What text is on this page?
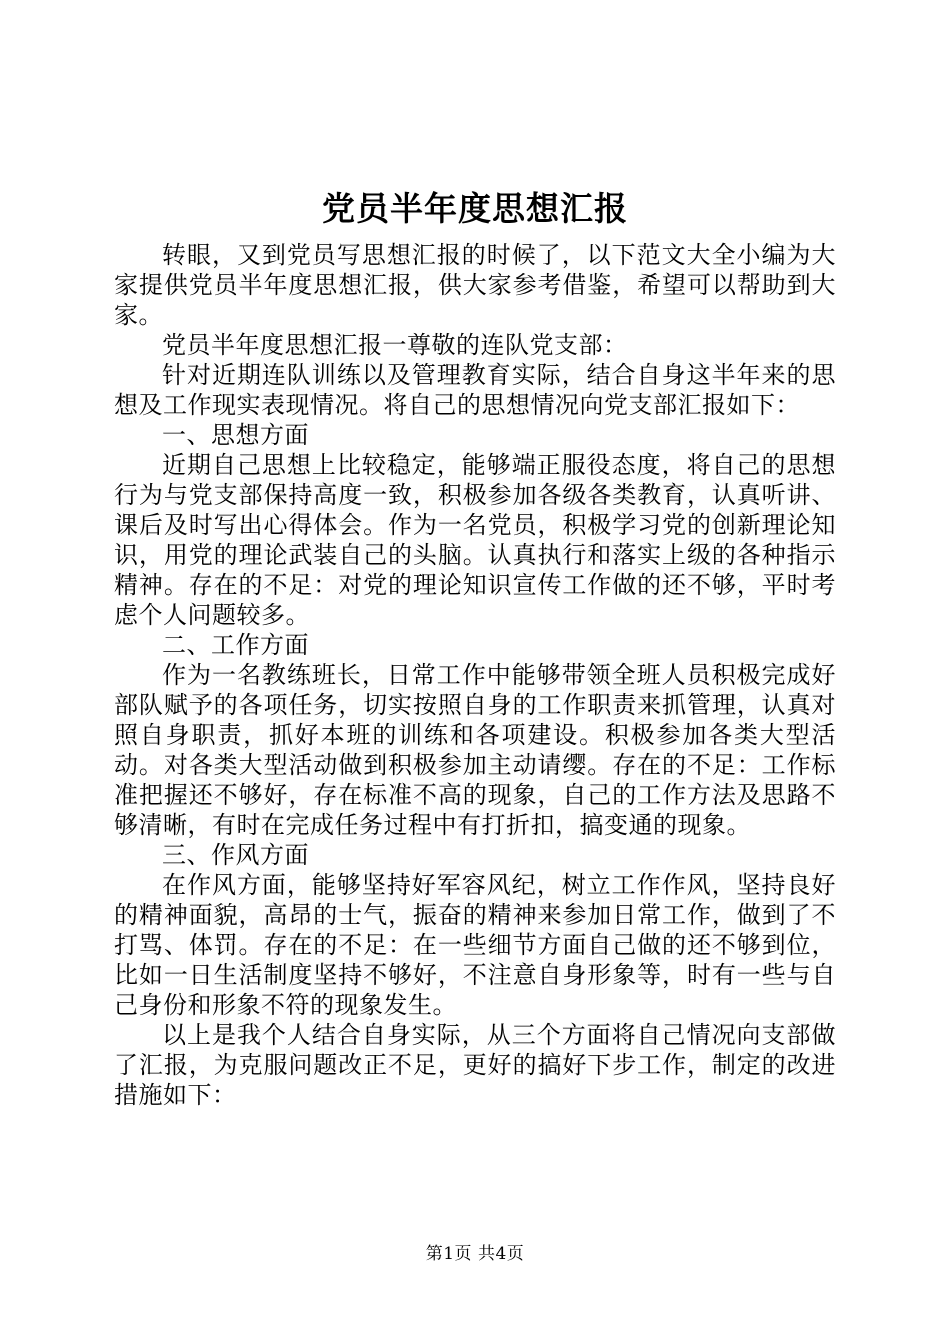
党员半年度思想汇报

转眼，又到党员写思想汇报的时候了，以下范文大全小编为大家提供党员半年度思想汇报，供大家参考借鉴，希望可以帮助到大家。

党员半年度思想汇报一尊敬的连队党支部：

针对近期连队训练以及管理教育实际，结合自身这半年来的思想及工作现实表现情况。将自己的思想情况向党支部汇报如下：

一、思想方面

近期自己思想上比较稳定，能够端正服役态度，将自己的思想行为与党支部保持高度一致，积极参加各级各类教育，认真听讲、课后及时写出心得体会。作为一名党员，积极学习党的创新理论知识，用党的理论武装自己的头脑。认真执行和落实上级的各种指示精神。存在的不足：对党的理论知识宣传工作做的还不够，平时考虑个人问题较多。

二、工作方面

作为一名教练班长，日常工作中能够带领全班人员积极完成好部队赋予的各项任务，切实按照自身的工作职责来抓管理，认真对照自身职责，抓好本班的训练和各项建设。积极参加各类大型活动。对各类大型活动做到积极参加主动请缨。存在的不足：工作标准把握还不够好，存在标准不高的现象，自己的工作方法及思路不够清晰，有时在完成任务过程中有打折扣，搞变通的现象。

三、作风方面

在作风方面，能够坚持好军容风纪，树立工作作风，坚持良好的精神面貌，高昂的士气，振奋的精神来参加日常工作，做到了不打骂、体罚。存在的不足：在一些细节方面自己做的还不够到位，比如一日生活制度坚持不够好，不注意自身形象等，时有一些与自己身份和形象不符的现象发生。

以上是我个人结合自身实际，从三个方面将自己情况向支部做了汇报，为克服问题改正不足，更好的搞好下步工作，制定的改进措施如下：

第1页 共4页
